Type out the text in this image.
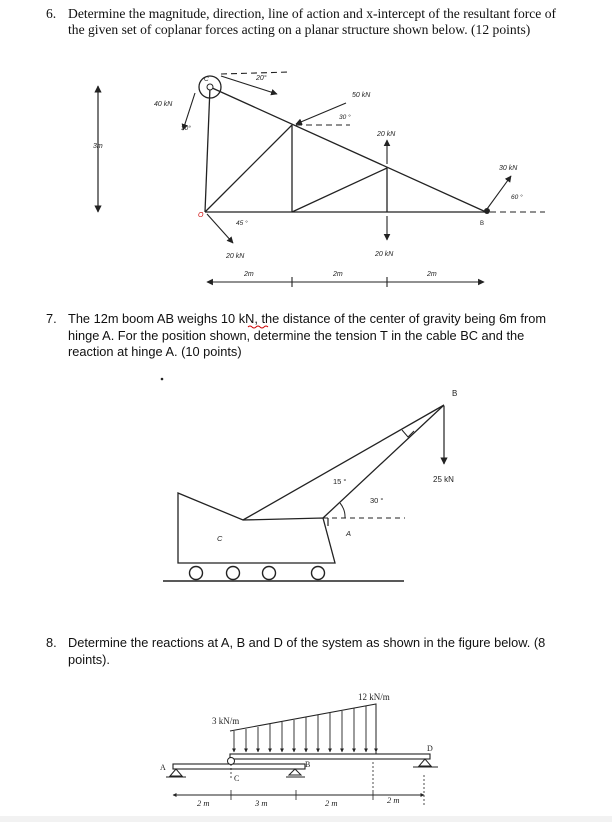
6. Determine the magnitude, direction, line of action and x-intercept of the resultant force of
the given set of coplanar forces acting on a planar structure shown below. (12 points)
7. The 12m boom AB weighs 10 kN, the distance of the center of gravity being 6m from
hinge A. For the position shown, determine the tension T in the cable BC and the
reaction at hinge A. (10 points)
8. Determine the reactions at A, B and D of the system as shown in the figure below. (8
points).
3m
40 kN
30°
20°
C
O
B
50 kN
30 °
20 kN
30 kN
60 °
45 °
20 kN	20 kN
2m	2m	2m
B
25 kN
15 °
30 °
A
C
12 kN/m
3 kN/m
A	B
C
D
2 m	3 m	2 m	2 m
